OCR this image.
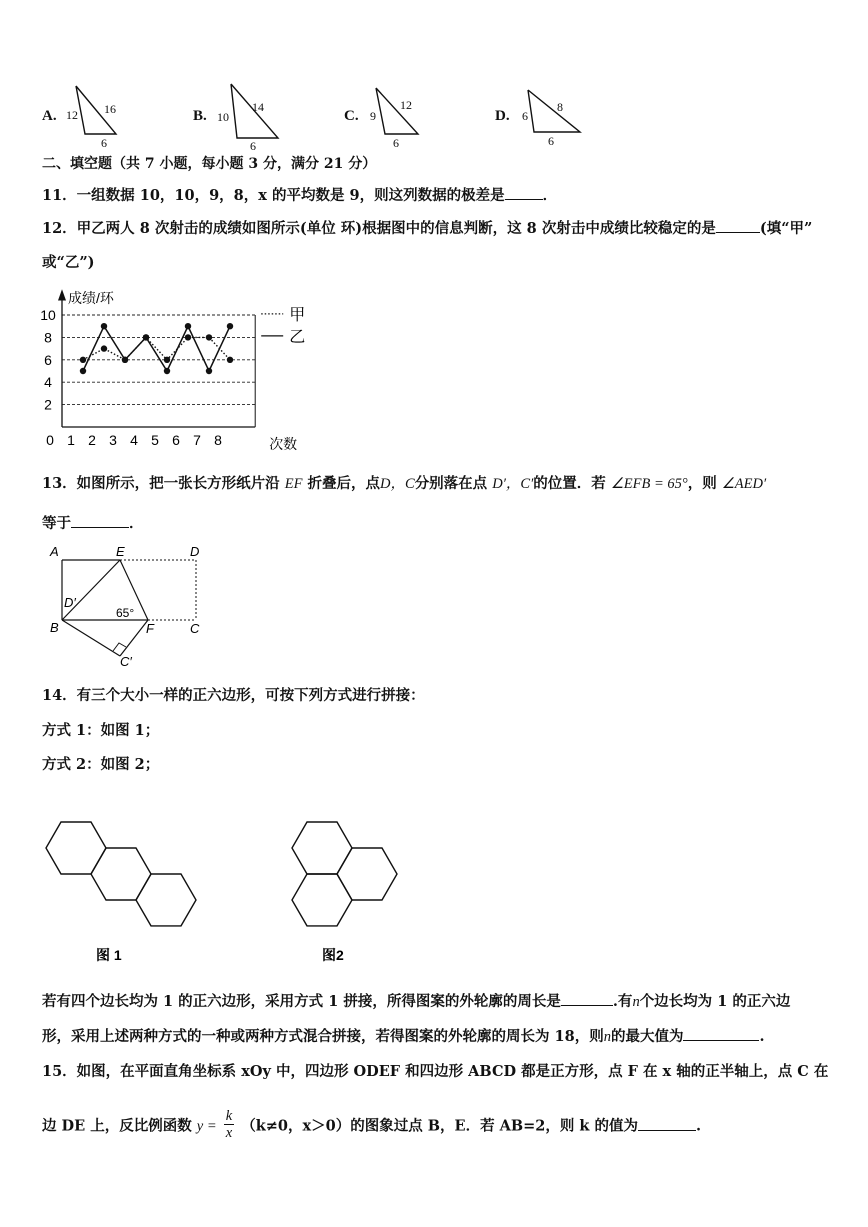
A. 12 16
6
B. 10
14
6
C. 9
12
6
D. 6
8
6
二、填空题（共 7 小题，每小题 3 分，满分 21 分）
11．一组数据 10，10，9，8，x 的平均数是 9，则这列数据的极差是	．
12．甲乙两人 8 次射击的成绩如图所示(单位 环)根据图中的信息判断，这 8 次射击中成绩比较稳定的是	(填“甲”
或“乙”)
2
4
6
8
10
成绩/环
0 1 2 3 4 5 6 7 8	次数
甲
乙
13．如图所示，把一张长方形纸片沿 EF 折叠后，点D，C分别落在点 D′，C′的位置．若 ∠EFB = 65°，则 ∠AED′
等于	．
A	E	D
D′
B	F	C
C′
65°
14．有三个大小一样的正六边形，可按下列方式进行拼接：
方式 1：如图 1；
方式 2：如图 2；
图 1	图2
若有四个边长均为 1 的正六边形，采用方式 1 拼接，所得图案的外轮廓的周长是	.有n个边长均为 1 的正六边
形，采用上述两种方式的一种或两种方式混合拼接，若得图案的外轮廓的周长为 18，则n的最大值为	.
15．如图，在平面直角坐标系 xOy 中，四边形 ODEF 和四边形 ABCD 都是正方形，点 F 在 x 轴的正半轴上，点 C 在
边 DE 上，反比例函数 $y = \frac{k}{x} (k\ne 0$，x＞0）的图象过点 B，E．若 AB=2，则 k 的值为	.
